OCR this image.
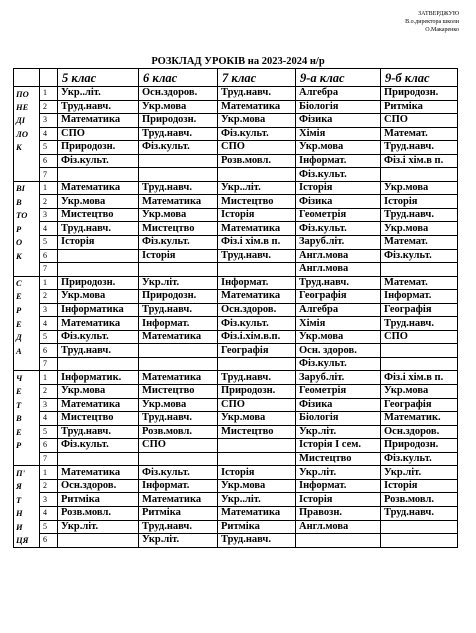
ЗАТВЕРДЖУЮ
В.о.директора школи
О.Макаренко
РОЗКЛАД УРОКІВ на 2023-2024 н/р
		5 клас	6 клас	7 клас	9-а клас	9-б клас
ПО	1	Укр..літ.	Осн.здоров.	Труд.навч.	Алгебра	Природозн.
НЕ	2	Труд.навч.	Укр.мова	Математика	Біологія	Ритміка
ДІ	3	Математика	Природозн.	Укр.мова	Фізика	СПО
ЛО	4	СПО	Труд.навч.	Фіз.культ.	Хімія	Математ.
К	5	Природозн.	Фіз.культ.	СПО	Укр.мова	Труд.навч.
	6	Фіз.культ.		Розв.мовл.	Інформат.	Фіз.і хім.в п.
	7				Фіз.культ.	
ВІ	1	Математика	Труд.навч.	Укр..літ.	Історія	Укр.мова
В	2	Укр.мова	Математика	Мистецтво	Фізика	Історія
ТО	3	Мистецтво	Укр.мова	Історія	Геометрія	Труд.навч.
Р	4	Труд.навч.	Мистецтво	Математика	Фіз.культ.	Укр.мова
О	5	Історія	Фіз.культ.	Фіз.і хім.в п.	Заруб.літ.	Математ.
К	6		Історія	Труд.навч.	Англ.мова	Фіз.культ.
	7				Англ.мова	
С	1	Природозн.	Укр.літ.	Інформат.	Труд.навч.	Математ.
Е	2	Укр.мова	Природозн.	Математика	Географія	Інформат.
Р	3	Інформатика	Труд.навч.	Осн.здоров.	Алгебра	Географія
Е	4	Математика	Інформат.	Фіз.культ.	Хімія	Труд.навч.
Д	5	Фіз.культ.	Математика	Фіз.і.хім.в.п.	Укр.мова	СПО
А	6	Труд.навч.		Географія	Осн. здоров.	
	7				Фіз.культ.	
Ч	1	Інформатик.	Математика	Труд.навч.	Заруб.літ.	Фіз.і хім.в п.
Е	2	Укр.мова	Мистецтво	Природозн.	Геометрія	Укр.мова
Т	3	Математика	Укр.мова	СПО	Фізика	Географія
В	4	Мистецтво	Труд.навч.	Укр.мова	Біологія	Математик.
Е	5	Труд.навч.	Розв.мовл.	Мистецтво	Укр.літ.	Осн.здоров.
Р	6	Фіз.культ.	СПО		Історія І сем.	Природозн.
	7				Мистецтво	Фіз.культ.
П'	1	Математика	Фіз.культ.	Історія	Укр.літ.	Укр.літ.
Я	2	Осн.здоров.	Інформат.	Укр.мова	Інформат.	Історія
Т	3	Ритміка	Математика	Укр..літ.	Історія	Розв.мовл.
Н	4	Розв.мовл.	Ритміка	Математика	Правозн.	Труд.навч.
И	5	Укр.літ.	Труд.навч.	Ритміка	Англ.мова	
ЦЯ	6		Укр.літ.	Труд.навч.		
